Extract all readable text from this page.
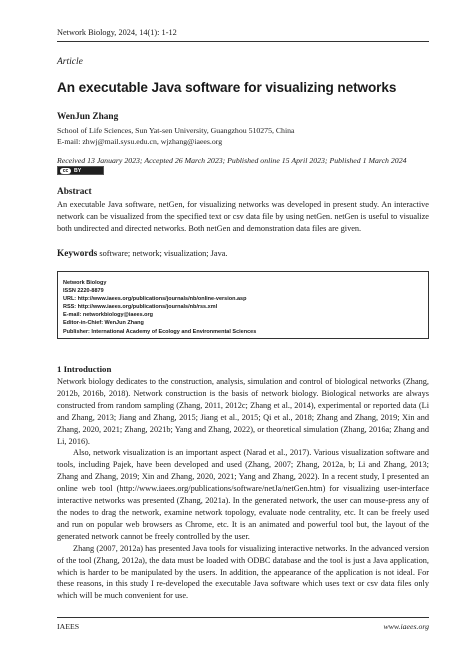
Network Biology, 2024, 14(1): 1-12
Article
An executable Java software for visualizing networks
WenJun Zhang
School of Life Sciences, Sun Yat-sen University, Guangzhou 510275, China
E-mail: zhwj@mail.sysu.edu.cn, wjzhang@iaees.org
Received 13 January 2023; Accepted 26 March 2023; Published online 15 April 2023; Published 1 March 2024
cc	BY
Abstract

An executable Java software, netGen, for visualizing networks was developed in present study. An interactive network can be visualized from the specified text or csv data file by using netGen. netGen is useful to visualize both undirected and directed networks. Both netGen and demonstration data files are given.

Keywords software; network; visualization; Java.
Network Biology
ISSN 2220-8879
URL: http://www.iaees.org/publications/journals/nb/online-version.asp
RSS: http://www.iaees.org/publications/journals/nb/rss.xml
E-mail: networkbiology@iaees.org
Editor-in-Chief: WenJun Zhang
Publisher: International Academy of Ecology and Environmental Sciences
1 Introduction

Network biology dedicates to the construction, analysis, simulation and control of biological networks (Zhang, 2012b, 2016b, 2018). Network construction is the basis of network biology. Biological networks are always constructed from random sampling (Zhang, 2011, 2012c; Zhang et al., 2014), experimental or reported data (Li and Zhang, 2013; Jiang and Zhang, 2015; Jiang et al., 2015; Qi et al., 2018; Zhang and Zhang, 2019; Xin and Zhang, 2020, 2021; Zhang, 2021b; Yang and Zhang, 2022), or theoretical simulation (Zhang, 2016a; Zhang and Li, 2016).

Also, network visualization is an important aspect (Narad et al., 2017). Various visualization software and tools, including Pajek, have been developed and used (Zhang, 2007; Zhang, 2012a, b; Li and Zhang, 2013; Zhang and Zhang, 2019; Xin and Zhang, 2020, 2021; Yang and Zhang, 2022). In a recent study, I presented an online web tool (http://www.iaees.org/publications/software/netJa/netGen.htm) for visualizing user-interface interactive networks was presented (Zhang, 2021a). In the generated network, the user can mouse-press any of the nodes to drag the network, examine network topology, evaluate node centrality, etc. It can be freely used and run on popular web browsers as Chrome, etc. It is an animated and powerful tool but, the layout of the generated network cannot be freely controlled by the user.

Zhang (2007, 2012a) has presented Java tools for visualizing interactive networks. In the advanced version of the tool (Zhang, 2012a), the data must be loaded with ODBC database and the tool is just a Java application, which is harder to be manipulated by the users. In addition, the appearance of the application is not ideal. For these reasons, in this study I re-developed the executable Java software which uses text or csv data files only which will be much convenient for use.

IAEES	www.iaees.org
